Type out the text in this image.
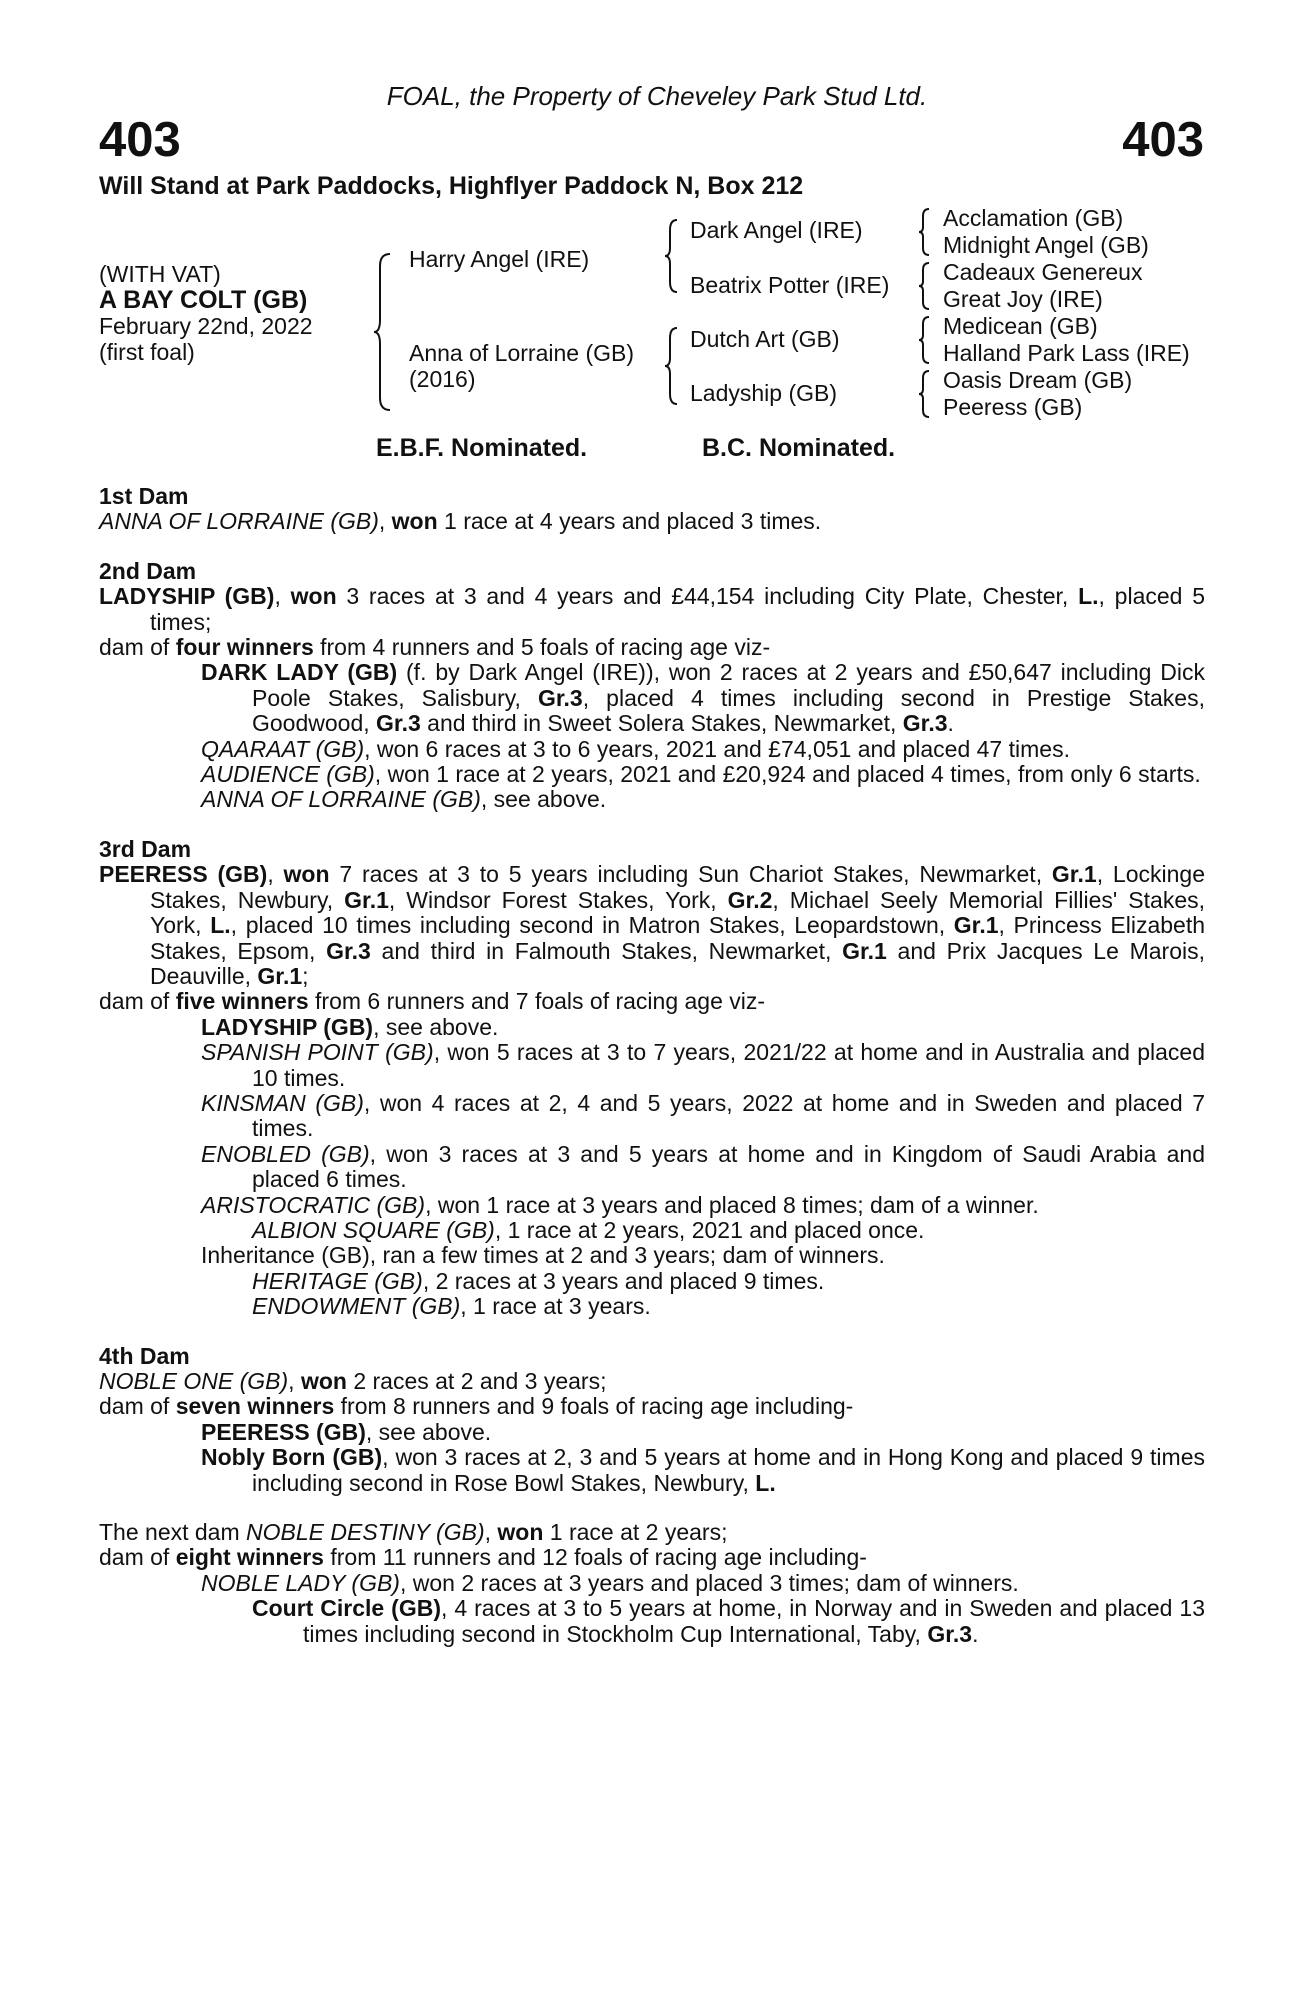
FOAL, the Property of Cheveley Park Stud Ltd.
403	403
Will Stand at Park Paddocks, Highflyer Paddock N, Box 212
(WITH VAT)
A BAY COLT (GB)
February 22nd, 2022
(first foal)
Harry Angel (IRE)
Anna of Lorraine (GB)
(2016)
Dark Angel (IRE)
Beatrix Potter (IRE)
Dutch Art (GB)
Ladyship (GB)
Acclamation (GB)
Midnight Angel (GB)
Cadeaux Genereux
Great Joy (IRE)
Medicean (GB)
Halland Park Lass (IRE)
Oasis Dream (GB)
Peeress (GB)
E.B.F. Nominated.	B.C. Nominated.
1st Dam
ANNA OF LORRAINE (GB), won 1 race at 4 years and placed 3 times.
2nd Dam
LADYSHIP (GB), won 3 races at 3 and 4 years and £44,154 including City Plate, Chester, L., placed 5 times;
dam of four winners from 4 runners and 5 foals of racing age viz-
DARK LADY (GB) (f. by Dark Angel (IRE)), won 2 races at 2 years and £50,647 including Dick Poole Stakes, Salisbury, Gr.3, placed 4 times including second in Prestige Stakes, Goodwood, Gr.3 and third in Sweet Solera Stakes, Newmarket, Gr.3.
QAARAAT (GB), won 6 races at 3 to 6 years, 2021 and £74,051 and placed 47 times.
AUDIENCE (GB), won 1 race at 2 years, 2021 and £20,924 and placed 4 times, from only 6 starts.
ANNA OF LORRAINE (GB), see above.
3rd Dam
PEERESS (GB), won 7 races at 3 to 5 years including Sun Chariot Stakes, Newmarket, Gr.1, Lockinge Stakes, Newbury, Gr.1, Windsor Forest Stakes, York, Gr.2, Michael Seely Memorial Fillies' Stakes, York, L., placed 10 times including second in Matron Stakes, Leopardstown, Gr.1, Princess Elizabeth Stakes, Epsom, Gr.3 and third in Falmouth Stakes, Newmarket, Gr.1 and Prix Jacques Le Marois, Deauville, Gr.1;
dam of five winners from 6 runners and 7 foals of racing age viz-
LADYSHIP (GB), see above.
SPANISH POINT (GB), won 5 races at 3 to 7 years, 2021/22 at home and in Australia and placed 10 times.
KINSMAN (GB), won 4 races at 2, 4 and 5 years, 2022 at home and in Sweden and placed 7 times.
ENOBLED (GB), won 3 races at 3 and 5 years at home and in Kingdom of Saudi Arabia and placed 6 times.
ARISTOCRATIC (GB), won 1 race at 3 years and placed 8 times; dam of a winner.
ALBION SQUARE (GB), 1 race at 2 years, 2021 and placed once.
Inheritance (GB), ran a few times at 2 and 3 years; dam of winners.
HERITAGE (GB), 2 races at 3 years and placed 9 times.
ENDOWMENT (GB), 1 race at 3 years.
4th Dam
NOBLE ONE (GB), won 2 races at 2 and 3 years;
dam of seven winners from 8 runners and 9 foals of racing age including-
PEERESS (GB), see above.
Nobly Born (GB), won 3 races at 2, 3 and 5 years at home and in Hong Kong and placed 9 times including second in Rose Bowl Stakes, Newbury, L.
The next dam NOBLE DESTINY (GB), won 1 race at 2 years;
dam of eight winners from 11 runners and 12 foals of racing age including-
NOBLE LADY (GB), won 2 races at 3 years and placed 3 times; dam of winners.
Court Circle (GB), 4 races at 3 to 5 years at home, in Norway and in Sweden and placed 13 times including second in Stockholm Cup International, Taby, Gr.3.
